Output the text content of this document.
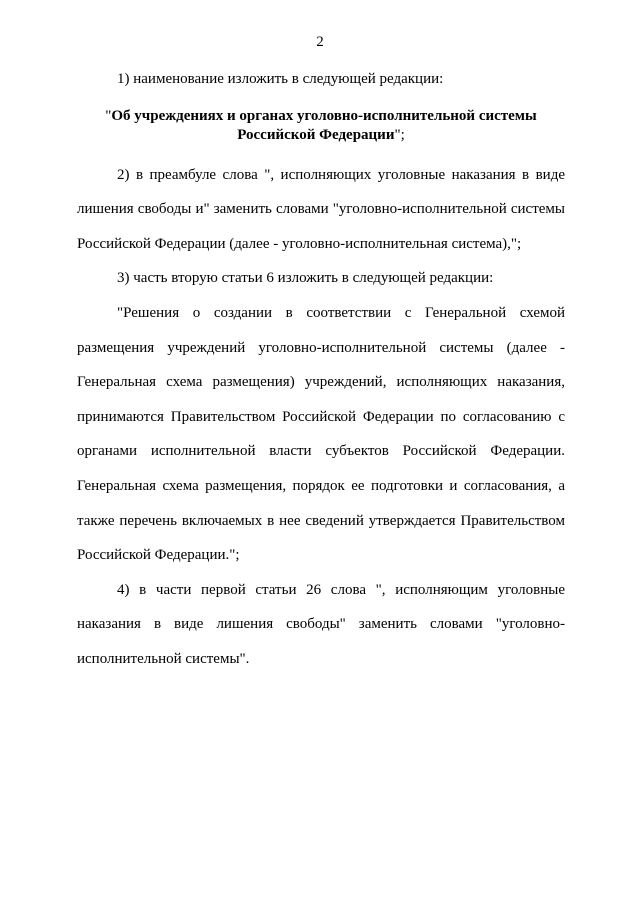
2

1) наименование изложить в следующей редакции:

"Об учреждениях и органах уголовно-исполнительной системы
Российской Федерации";

2) в преамбуле слова ", исполняющих уголовные наказания в виде лишения свободы и" заменить словами "уголовно-исполнительной системы Российской Федерации (далее - уголовно-исполнительная система),";

3) часть вторую статьи 6 изложить в следующей редакции:

"Решения о создании в соответствии с Генеральной схемой размещения учреждений уголовно-исполнительной системы (далее - Генеральная схема размещения) учреждений, исполняющих наказания, принимаются Правительством Российской Федерации по согласованию с органами исполнительной власти субъектов Российской Федерации. Генеральная схема размещения, порядок ее подготовки и согласования, а также перечень включаемых в нее сведений утверждается Правительством Российской Федерации.";

4) в части первой статьи 26 слова ", исполняющим уголовные наказания в виде лишения свободы" заменить словами "уголовно-исполнительной системы".
